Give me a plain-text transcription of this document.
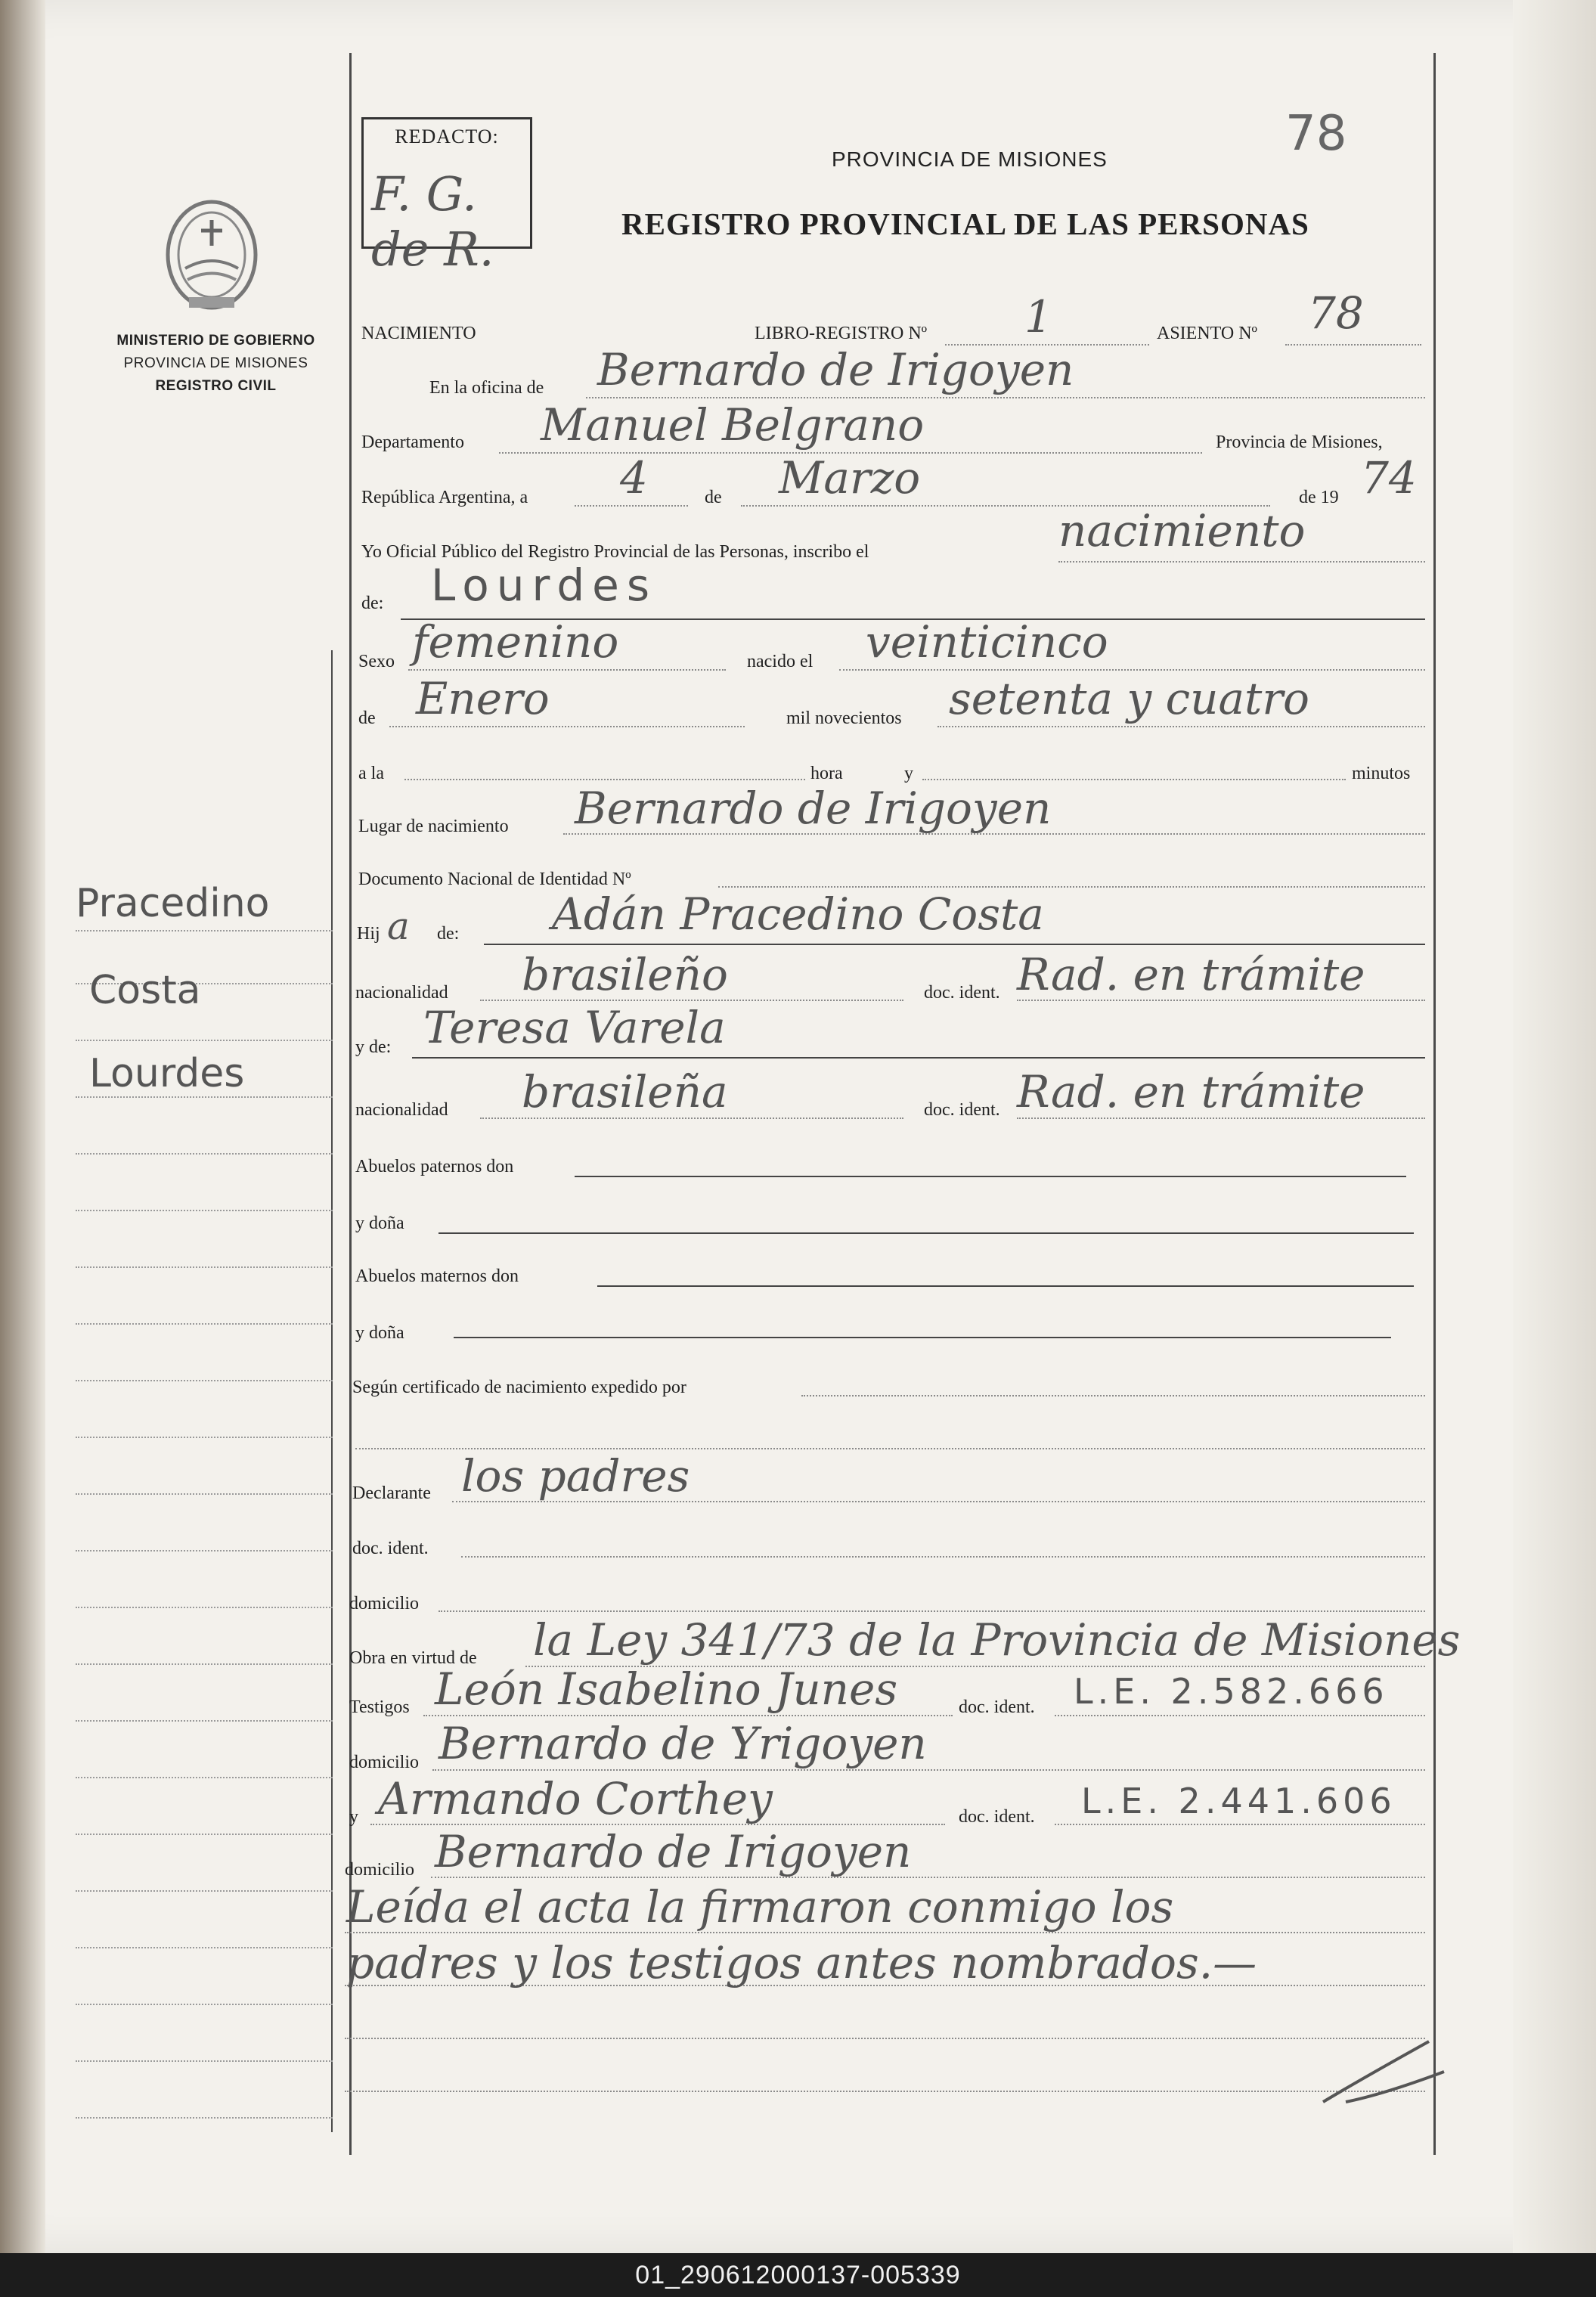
Pracedino
Costa
Lourdes
MINISTERIO DE GOBIERNO
PROVINCIA DE MISIONES
REGISTRO CIVIL
REDACTO:
F. G. de R.
78
PROVINCIA DE MISIONES
REGISTRO PROVINCIAL DE LAS PERSONAS
NACIMIENTO	LIBRO-REGISTRO Nº 1	ASIENTO Nº 78
En la oficina de Bernardo de Irigoyen
Departamento Manuel Belgrano	Provincia de Misiones,
República Argentina, a 4	de Marzo	de 19 74
Yo Oficial Público del Registro Provincial de las Personas, inscribo el	nacimiento
de: Lourdes
Sexo femenino	nacido el veinticinco
de Enero	mil novecientos setenta y cuatro
a la	hora	y	minutos
Lugar de nacimiento Bernardo de Irigoyen
Documento Nacional de Identidad Nº
Hij a de: Adán Pracedino Costa
nacionalidad brasileño	doc. ident. Rad. en trámite
y de: Teresa Varela
nacionalidad brasileña	doc. ident. Rad. en trámite
Abuelos paternos don
y doña
Abuelos maternos don
y doña
Según certificado de nacimiento expedido por
Declarante los padres
doc. ident.
domicilio
Obra en virtud de la Ley 341/73 de la Provincia de Misiones
Testigos León Isabelino Junes	doc. ident. L.E. 2.582.666
domicilio Bernardo de Yrigoyen
y Armando Corthey	doc. ident. L.E. 2.441.606
domicilio Bernardo de Irigoyen
Leída el acta la firmaron conmigo los
padres y los testigos antes nombrados.—
01_290612000137-005339
